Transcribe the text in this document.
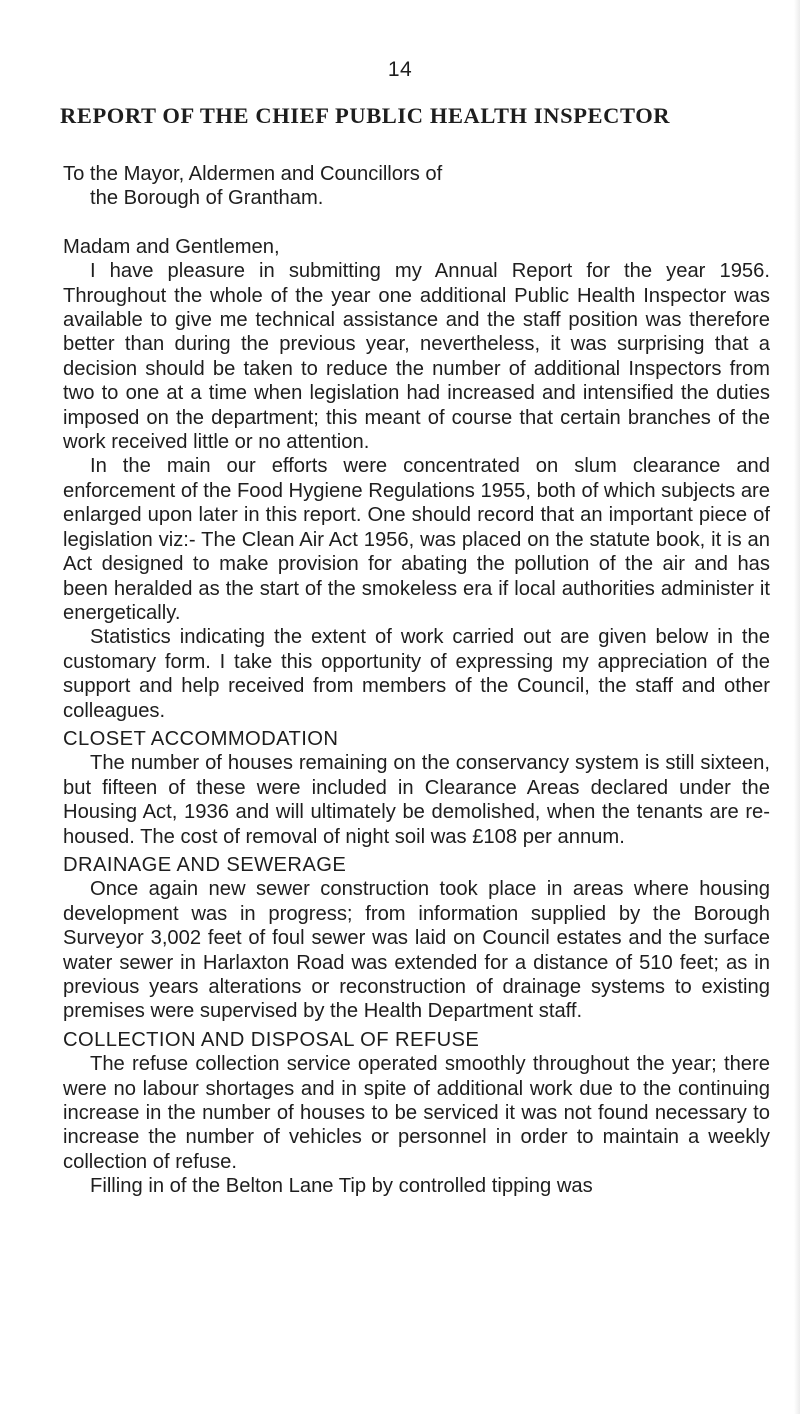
14
REPORT OF THE CHIEF PUBLIC HEALTH INSPECTOR
To the Mayor, Aldermen and Councillors of
the Borough of Grantham.
Madam and Gentlemen,

I have pleasure in submitting my Annual Report for the year 1956. Throughout the whole of the year one additional Public Health Inspector was available to give me technical assistance and the staff position was therefore better than during the previous year, nevertheless, it was surprising that a decision should be taken to reduce the number of additional Inspectors from two to one at a time when legislation had increased and intensified the duties imposed on the department; this meant of course that certain branches of the work received little or no attention.

In the main our efforts were concentrated on slum clearance and enforcement of the Food Hygiene Regulations 1955, both of which subjects are enlarged upon later in this report. One should record that an important piece of legislation viz:- The Clean Air Act 1956, was placed on the statute book, it is an Act designed to make provision for abating the pollution of the air and has been heralded as the start of the smokeless era if local authorities administer it energetically.

Statistics indicating the extent of work carried out are given below in the customary form. I take this opportunity of expressing my appreciation of the support and help received from members of the Council, the staff and other colleagues.

CLOSET ACCOMMODATION

The number of houses remaining on the conservancy system is still sixteen, but fifteen of these were included in Clearance Areas declared under the Housing Act, 1936 and will ultimately be demolished, when the tenants are re-housed. The cost of removal of night soil was £108 per annum.

DRAINAGE AND SEWERAGE

Once again new sewer construction took place in areas where housing development was in progress; from information supplied by the Borough Surveyor 3,002 feet of foul sewer was laid on Council estates and the surface water sewer in Harlaxton Road was extended for a distance of 510 feet; as in previous years alterations or reconstruction of drainage systems to existing premises were supervised by the Health Department staff.

COLLECTION AND DISPOSAL OF REFUSE

The refuse collection service operated smoothly throughout the year; there were no labour shortages and in spite of additional work due to the continuing increase in the number of houses to be serviced it was not found necessary to increase the number of vehicles or personnel in order to maintain a weekly collection of refuse.

Filling in of the Belton Lane Tip by controlled tipping was
